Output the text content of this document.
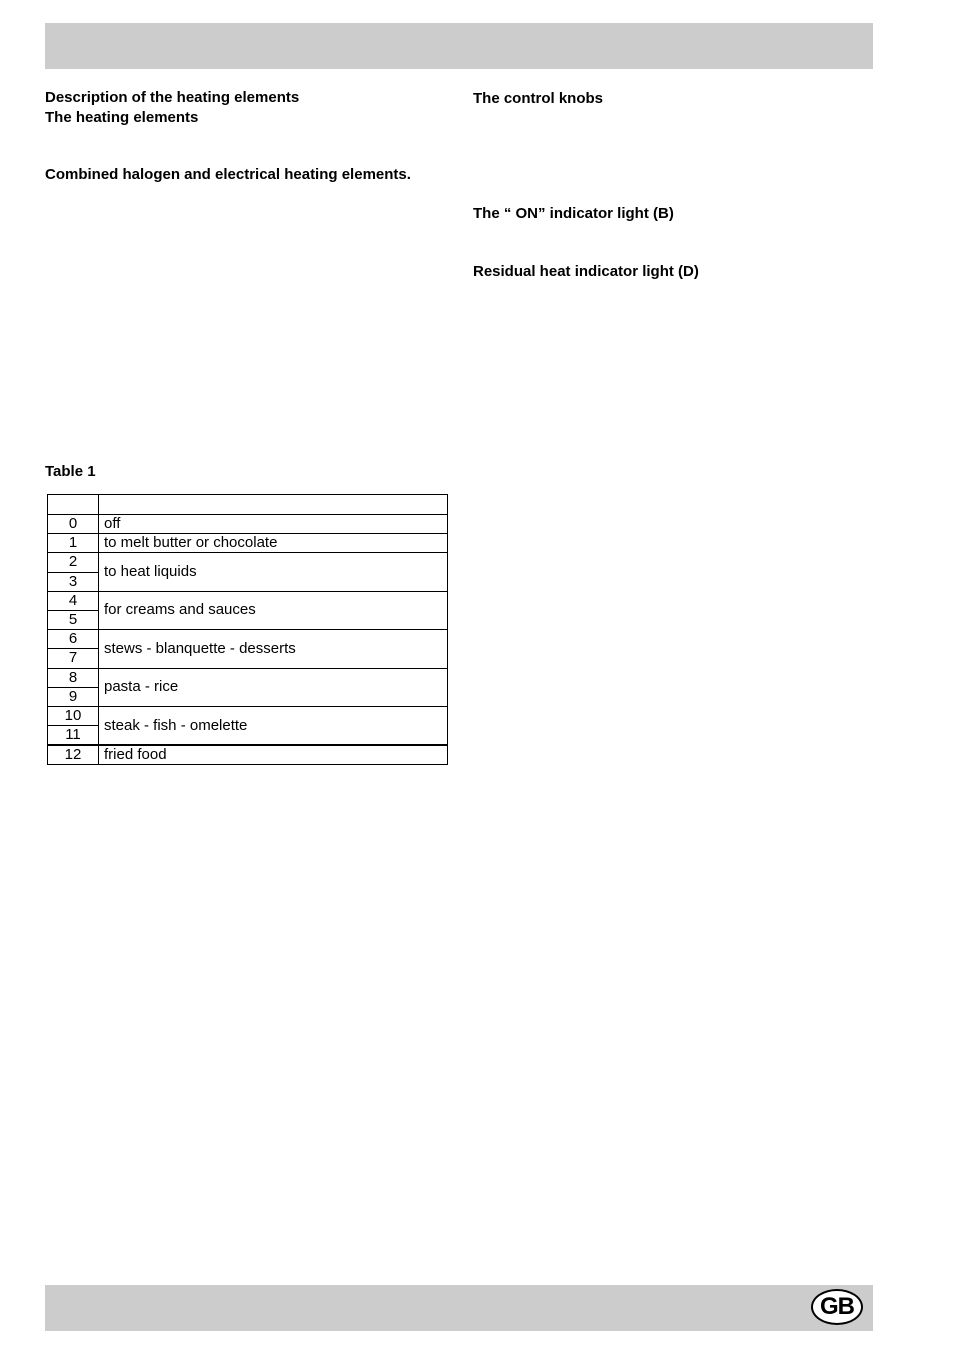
Description of the heating elements
The heating elements
Combined halogen and electrical heating elements.
The control knobs
The “ ON” indicator light (B)
Residual heat indicator light (D)
Table 1

0	off
1	to melt butter or chocolate
2	to heat liquids
3	
4	for creams and sauces
5	
6	stews - blanquette - desserts
7	
8	pasta - rice
9	
10	steak - fish - omelette
11	
12	fried food
GB
